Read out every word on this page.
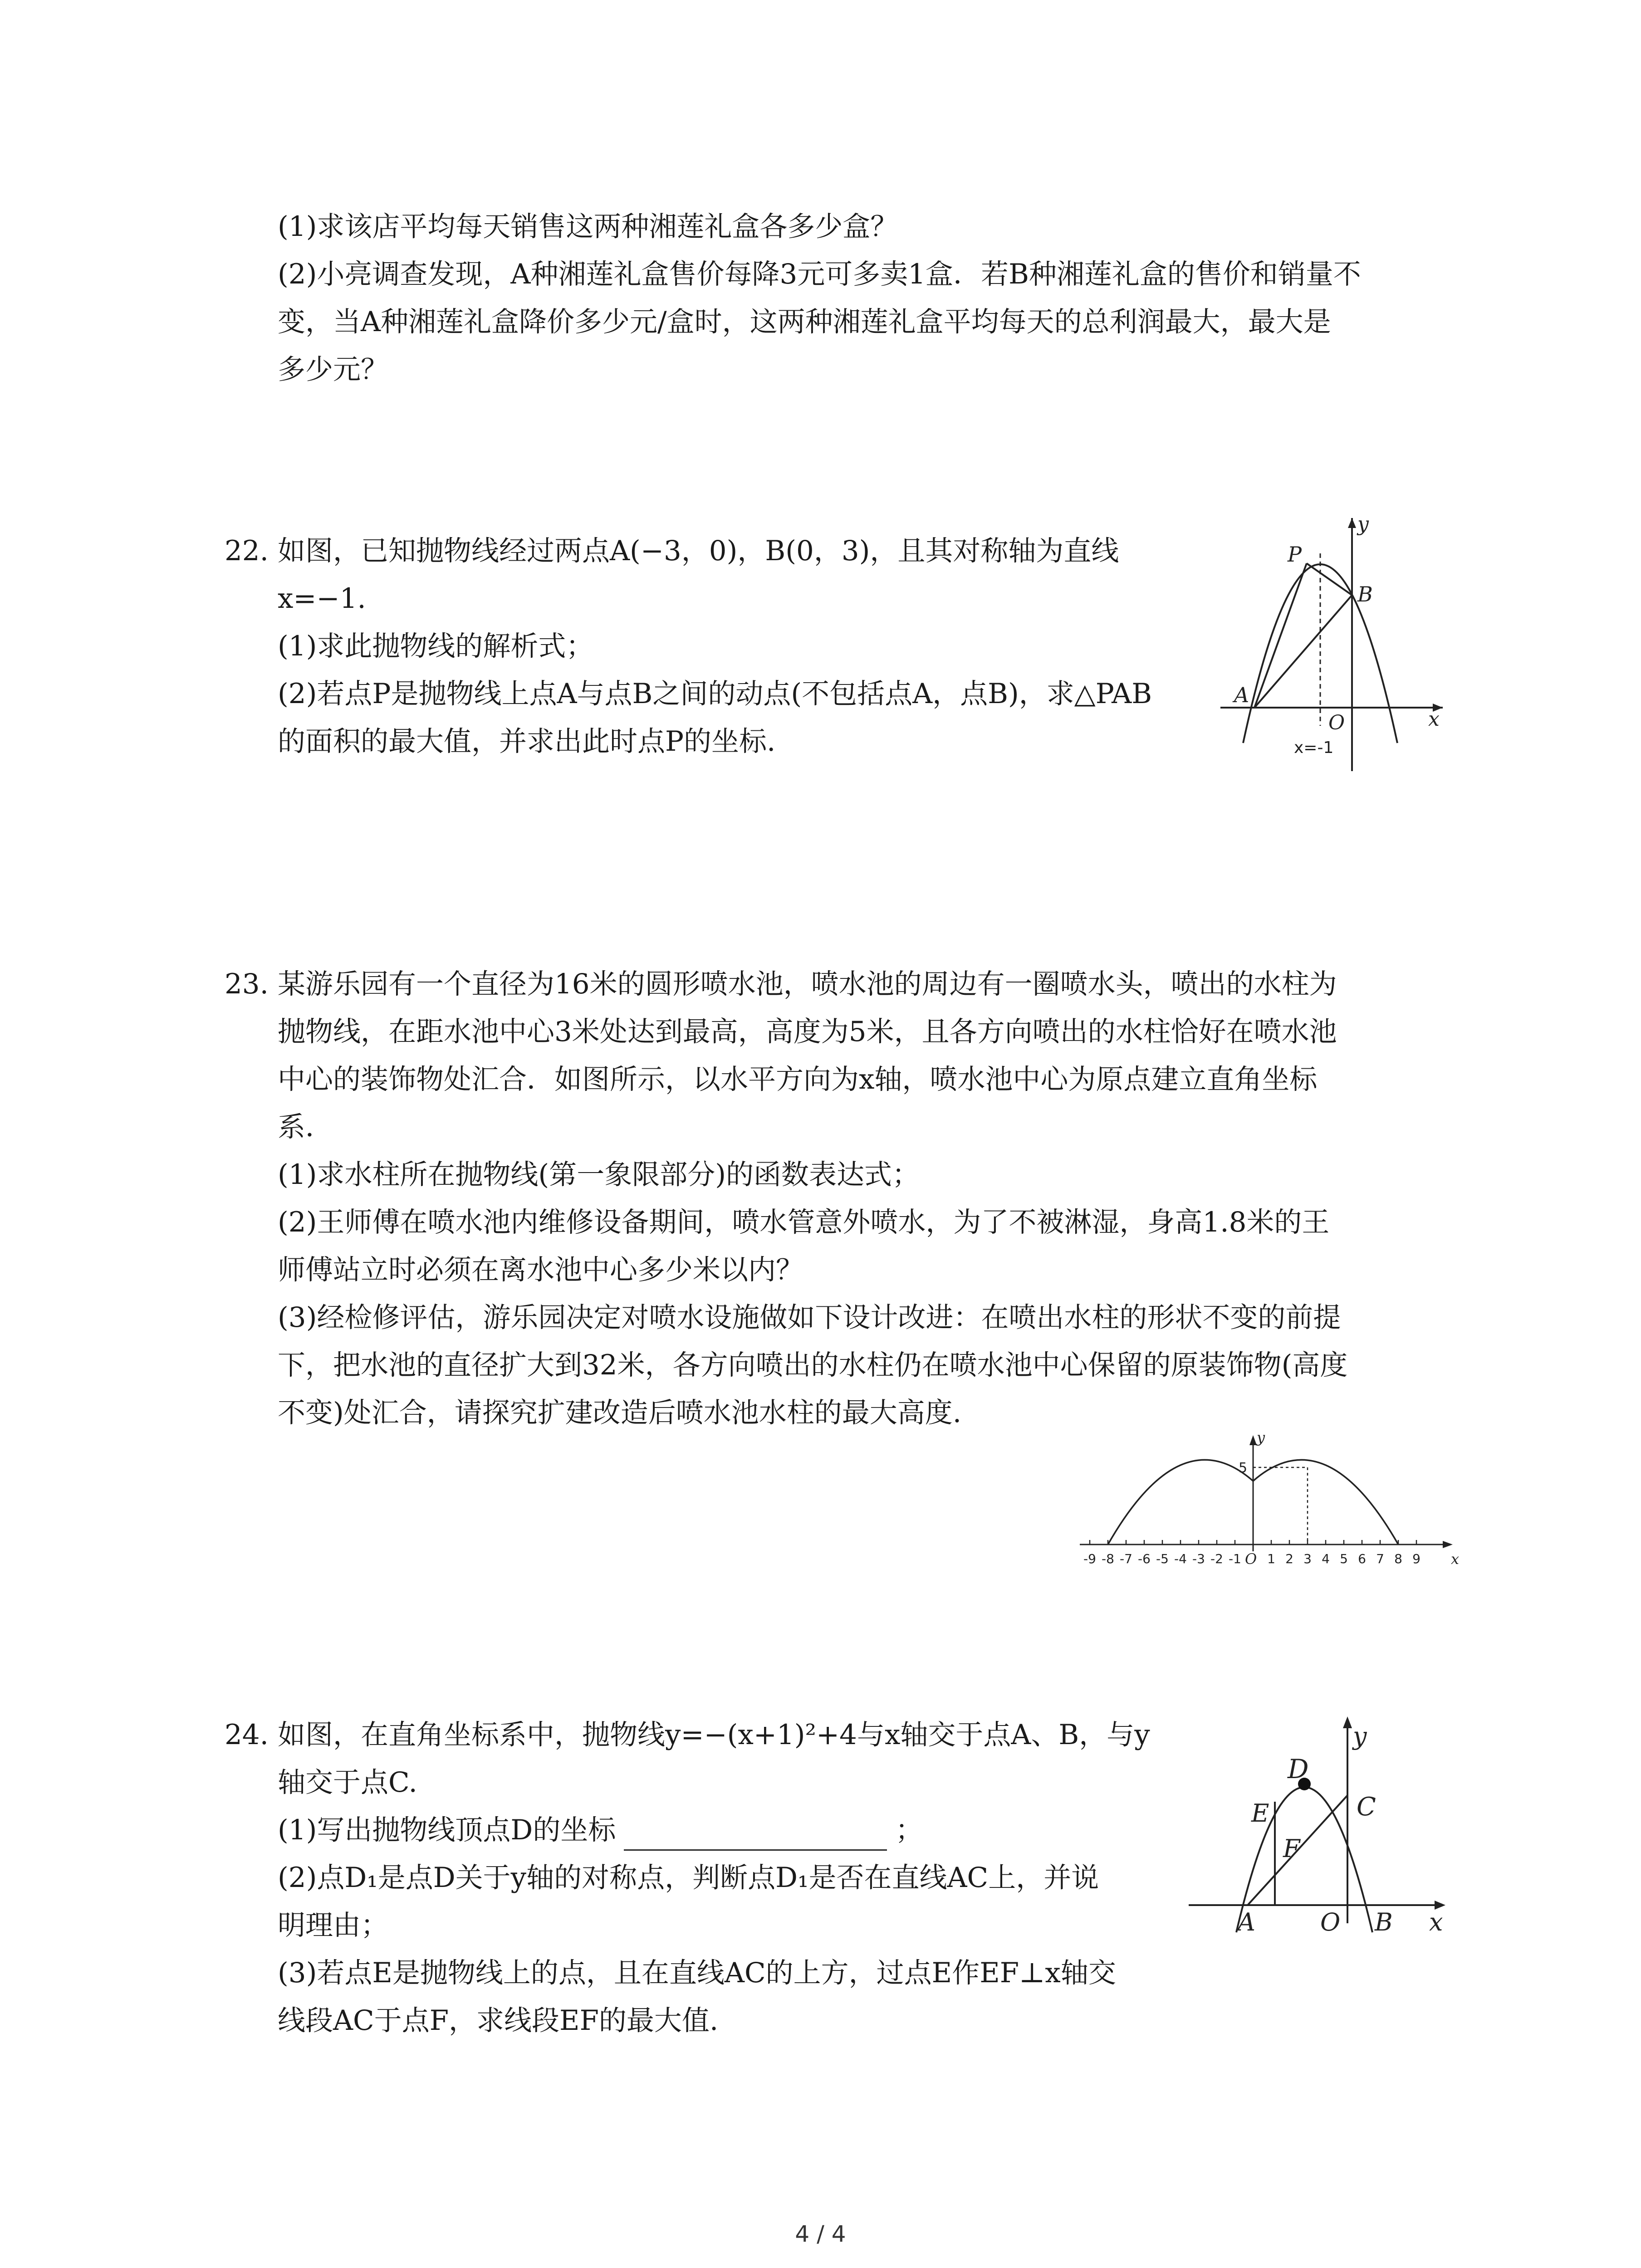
(1)求该店平均每天销售这两种湘莲礼盒各多少盒？
(2)小亮调查发现，A种湘莲礼盒售价每降3元可多卖1盒．若B种湘莲礼盒的售价和销量不
变，当A种湘莲礼盒降价多少元/盒时，这两种湘莲礼盒平均每天的总利润最大，最大是
多少元？
22. 如图，已知抛物线经过两点A(−3，0)，B(0，3)，且其对称轴为直线
x=−1.
(1)求此抛物线的解析式；
(2)若点P是抛物线上点A与点B之间的动点(不包括点A，点B)，求△PAB
的面积的最大值，并求出此时点P的坐标.
y
x
P
B
A
O
x=-1
23. 某游乐园有一个直径为16米的圆形喷水池，喷水池的周边有一圈喷水头，喷出的水柱为
抛物线，在距水池中心3米处达到最高，高度为5米，且各方向喷出的水柱恰好在喷水池
中心的装饰物处汇合．如图所示，以水平方向为x轴，喷水池中心为原点建立直角坐标
系．
(1)求水柱所在抛物线(第一象限部分)的函数表达式；
(2)王师傅在喷水池内维修设备期间，喷水管意外喷水，为了不被淋湿，身高1.8米的王
师傅站立时必须在离水池中心多少米以内？
(3)经检修评估，游乐园决定对喷水设施做如下设计改进：在喷出水柱的形状不变的前提
下，把水池的直径扩大到32米，各方向喷出的水柱仍在喷水池中心保留的原装饰物(高度
不变)处汇合，请探究扩建改造后喷水池水柱的最大高度.
y
5
x
O
-9 -8 -7 -6 -5 -4 -3 -2 -1 1 2 3 4 5 6 7 8 9
24. 如图，在直角坐标系中，抛物线y=−(x+1)²+4与x轴交于点A、B，与y
轴交于点C.
(1)写出抛物线顶点D的坐标	；
(2)点D₁是点D关于y轴的对称点，判断点D₁是否在直线AC上，并说
明理由；
(3)若点E是抛物线上的点，且在直线AC的上方，过点E作EF⊥x轴交
线段AC于点F，求线段EF的最大值.
D
y
C
E
F
A	O B x
4 / 4
